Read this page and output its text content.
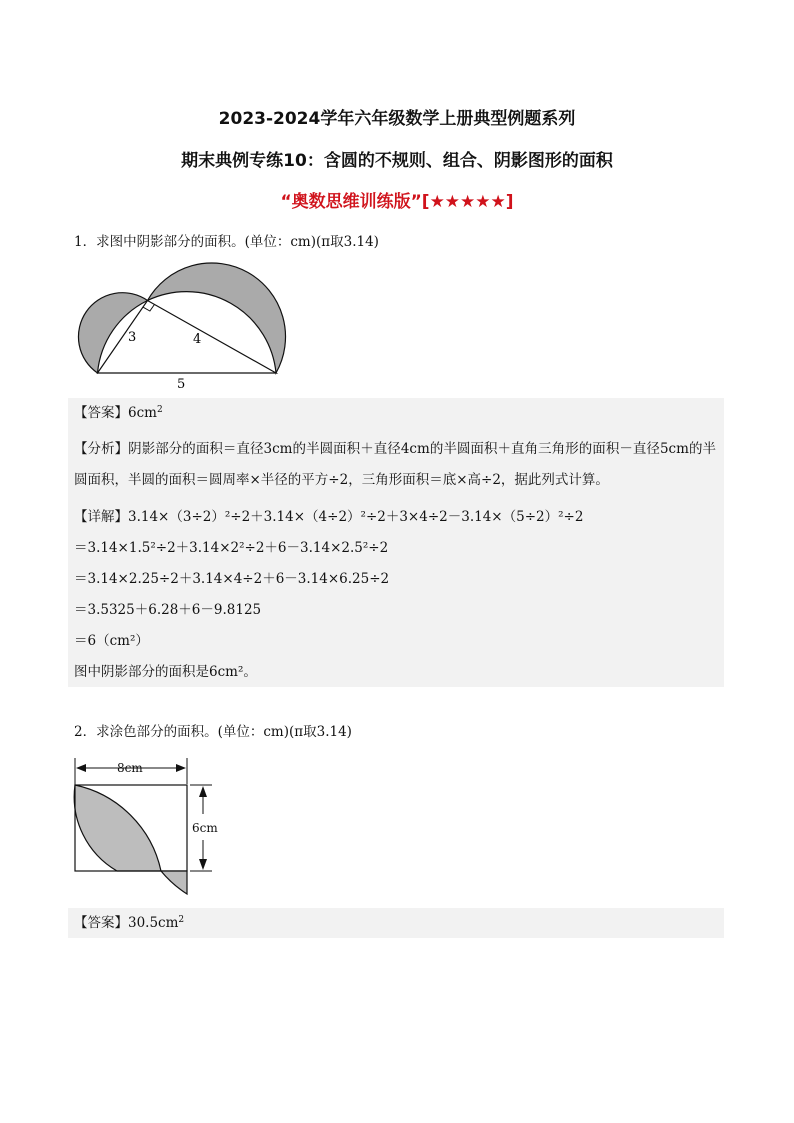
2023-2024学年六年级数学上册典型例题系列
期末典例专练10：含圆的不规则、组合、阴影图形的面积
“奥数思维训练版”[★★★★★]
1．求图中阴影部分的面积。(单位：cm)(π取3.14)
3	4
5
【答案】$6cm^2$
【分析】阴影部分的面积＝直径3cm的半圆面积＋直径4cm的半圆面积＋直角三角形的面积－直径5cm的半圆面积，半圆的面积＝圆周率×半径的平方÷2，三角形面积＝底×高÷2，据此列式计算。
【详解】3.14×（3÷2）²÷2＋3.14×（4÷2）²÷2＋3×4÷2－3.14×（5÷2）²÷2
＝3.14×1.5²÷2＋3.14×2²÷2＋6－3.14×2.5²÷2
＝3.14×2.25÷2＋3.14×4÷2＋6－3.14×6.25÷2
＝3.5325＋6.28＋6－9.8125
＝6（cm²）
图中阴影部分的面积是6cm²。
2．求涂色部分的面积。(单位：cm)(π取3.14)
8cm
6cm
【答案】$30.5cm^2$
